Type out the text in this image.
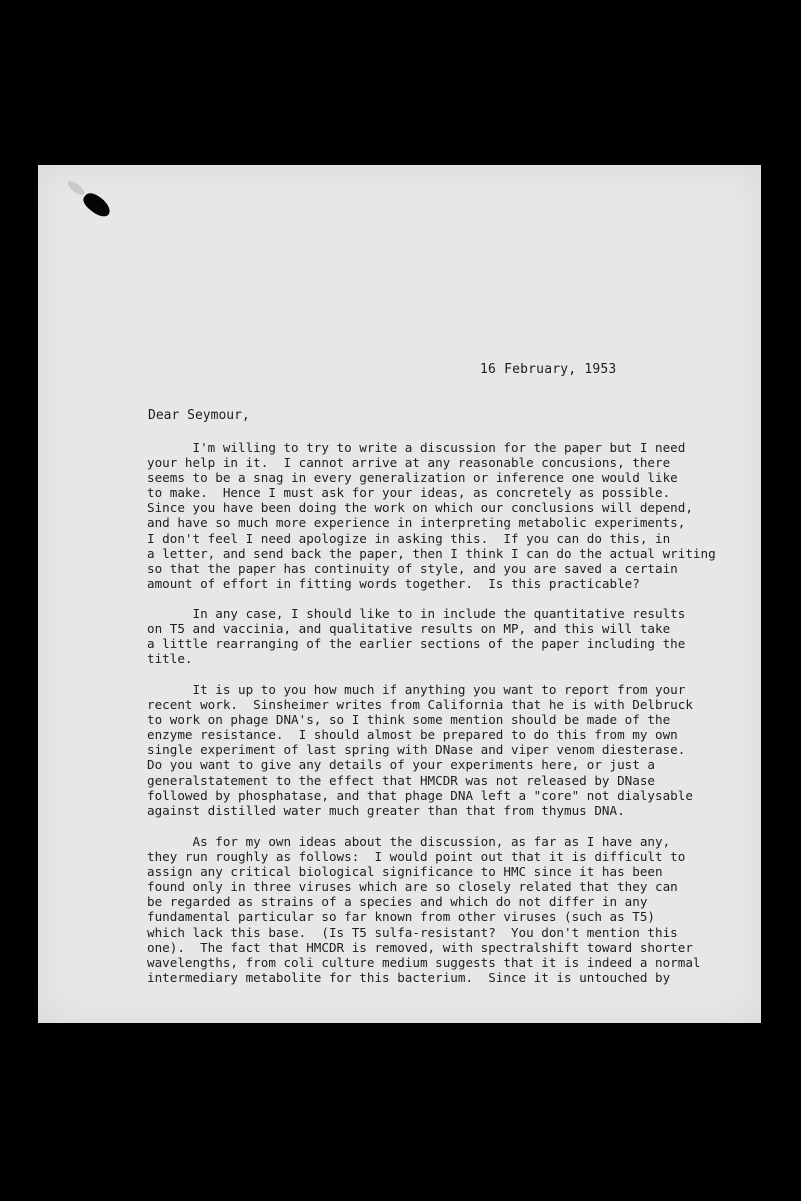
16 February, 1953
Dear Seymour,
I'm willing to try to write a discussion for the paper but I need
your help in it.  I cannot arrive at any reasonable concusions, there
seems to be a snag in every generalization or inference one would like
to make.  Hence I must ask for your ideas, as concretely as possible.
Since you have been doing the work on which our conclusions will depend,
and have so much more experience in interpreting metabolic experiments,
I don't feel I need apologize in asking this.  If you can do this, in
a letter, and send back the paper, then I think I can do the actual writing
so that the paper has continuity of style, and you are saved a certain
amount of effort in fitting words together.  Is this practicable?
In any case, I should like to in include the quantitative results
on T5 and vaccinia, and qualitative results on MP, and this will take
a little rearranging of the earlier sections of the paper including the
title.
It is up to you how much if anything you want to report from your
recent work.  Sinsheimer writes from California that he is with Delbruck
to work on phage DNA's, so I think some mention should be made of the
enzyme resistance.  I should almost be prepared to do this from my own
single experiment of last spring with DNase and viper venom diesterase.
Do you want to give any details of your experiments here, or just a
generalstatement to the effect that HMCDR was not released by DNase
followed by phosphatase, and that phage DNA left a "core" not dialysable
against distilled water much greater than that from thymus DNA.
As for my own ideas about the discussion, as far as I have any,
they run roughly as follows:  I would point out that it is difficult to
assign any critical biological significance to HMC since it has been
found only in three viruses which are so closely related that they can
be regarded as strains of a species and which do not differ in any
fundamental particular so far known from other viruses (such as T5)
which lack this base.  (Is T5 sulfa-resistant?  You don't mention this
one).  The fact that HMCDR is removed, with spectralshift toward shorter
wavelengths, from coli culture medium suggests that it is indeed a normal
intermediary metabolite for this bacterium.  Since it is untouched by
